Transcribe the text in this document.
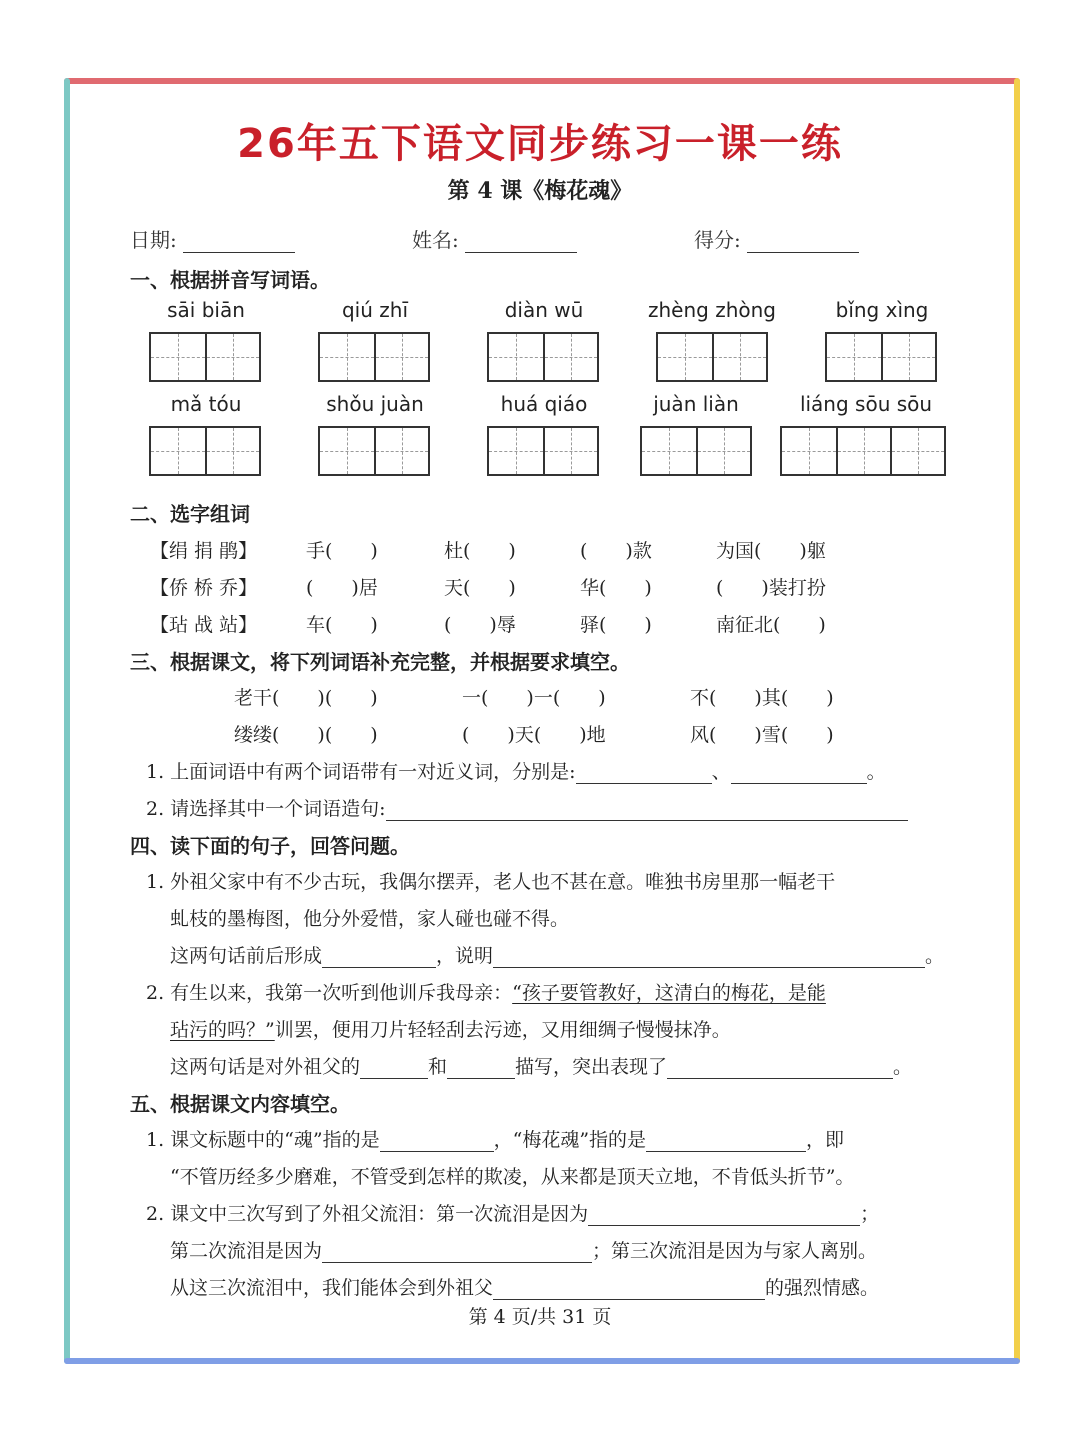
26年五下语文同步练习一课一练
第 4 课《梅花魂》
日期:	姓名:	得分:
一、根据拼音写词语。
sāi biān	qiú zhī	diàn wū	zhèng zhòng	bǐng xìng
mǎ tóu	shǒu juàn	huá qiáo	juàn liàn	liáng sōu sōu
二、选字组词
【绢 捐 鹃】	手(　　)	杜(　　)	(　　)款	为国(　　)躯
【侨 桥 乔】	(　　)居	天(　　)	华(　　)	(　　)装打扮
【玷 战 站】	车(　　)	(　　)辱	驿(　　)	南征北(　　)
三、根据课文，将下列词语补充完整，并根据要求填空。
老干(　　)(　　)	一(　　)一(　　)	不(　　)其(　　)
缕缕(　　)(　　)	(　　)天(　　)地	风(　　)雪(　　)
1. 上面词语中有两个词语带有一对近义词，分别是:	、	。
2. 请选择其中一个词语造句:
四、读下面的句子，回答问题。
1. 外祖父家中有不少古玩，我偶尔摆弄，老人也不甚在意。唯独书房里那一幅老干
虬枝的墨梅图，他分外爱惜，家人碰也碰不得。
这两句话前后形成	，说明	。
2. 有生以来，我第一次听到他训斥我母亲：“孩子要管教好，这清白的梅花，是能
玷污的吗？”训罢，便用刀片轻轻刮去污迹，又用细绸子慢慢抹净。
这两句话是对外祖父的	和	描写，突出表现了	。
五、根据课文内容填空。
1. 课文标题中的“魂”指的是	，“梅花魂”指的是	，即
“不管历经多少磨难，不管受到怎样的欺凌，从来都是顶天立地，不肯低头折节”。
2. 课文中三次写到了外祖父流泪：第一次流泪是因为	；
第二次流泪是因为	；第三次流泪是因为与家人离别。
从这三次流泪中，我们能体会到外祖父	的强烈情感。
第 4 页/共 31 页
